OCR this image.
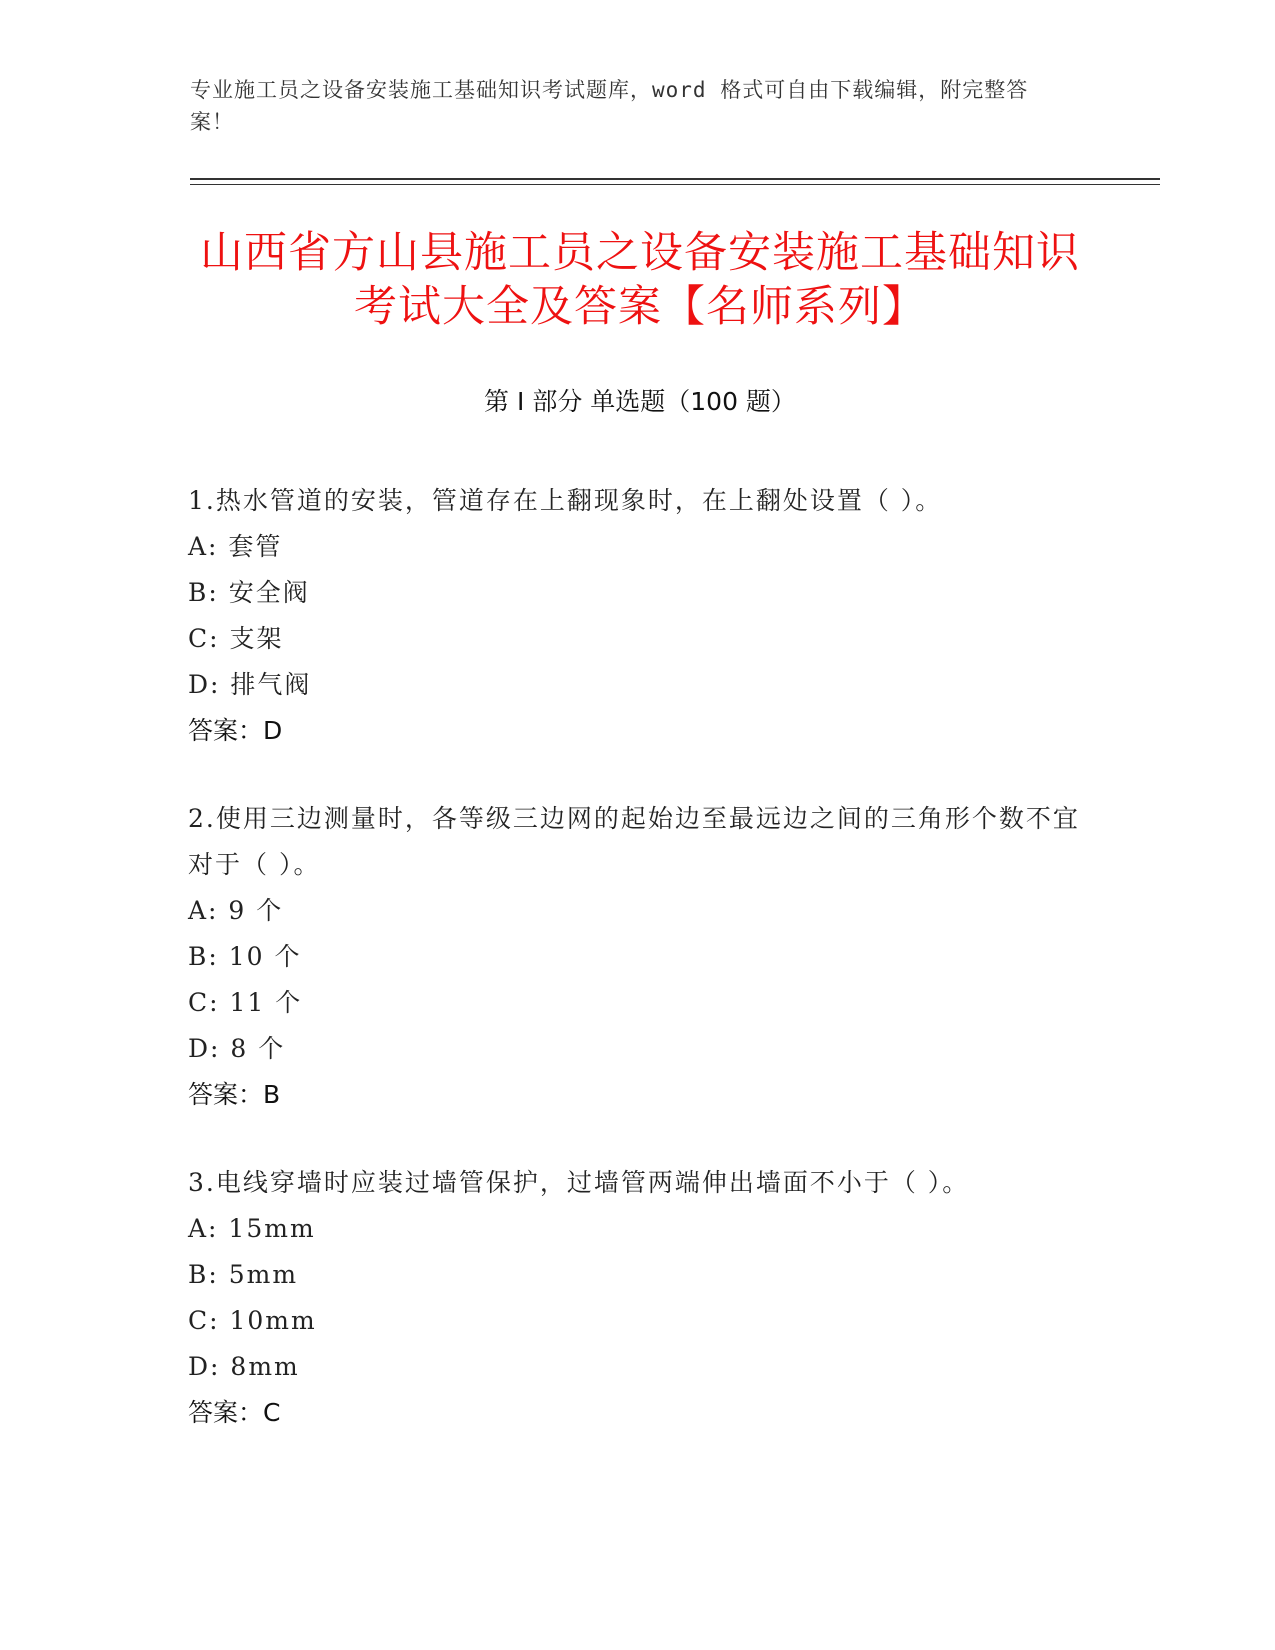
专业施工员之设备安装施工基础知识考试题库，word 格式可自由下载编辑，附完整答案！
山西省方山县施工员之设备安装施工基础知识考试大全及答案【名师系列】
第 I 部分 单选题（100 题）
1.热水管道的安装，管道存在上翻现象时，在上翻处设置（ ）。
A: 套管
B: 安全阀
C: 支架
D: 排气阀
答案：D
2.使用三边测量时，各等级三边网的起始边至最远边之间的三角形个数不宜对于（ ）。
A: 9 个
B: 10 个
C: 11 个
D: 8 个
答案：B
3.电线穿墙时应装过墙管保护，过墙管两端伸出墙面不小于（ ）。
A: 15mm
B: 5mm
C: 10mm
D: 8mm
答案：C
